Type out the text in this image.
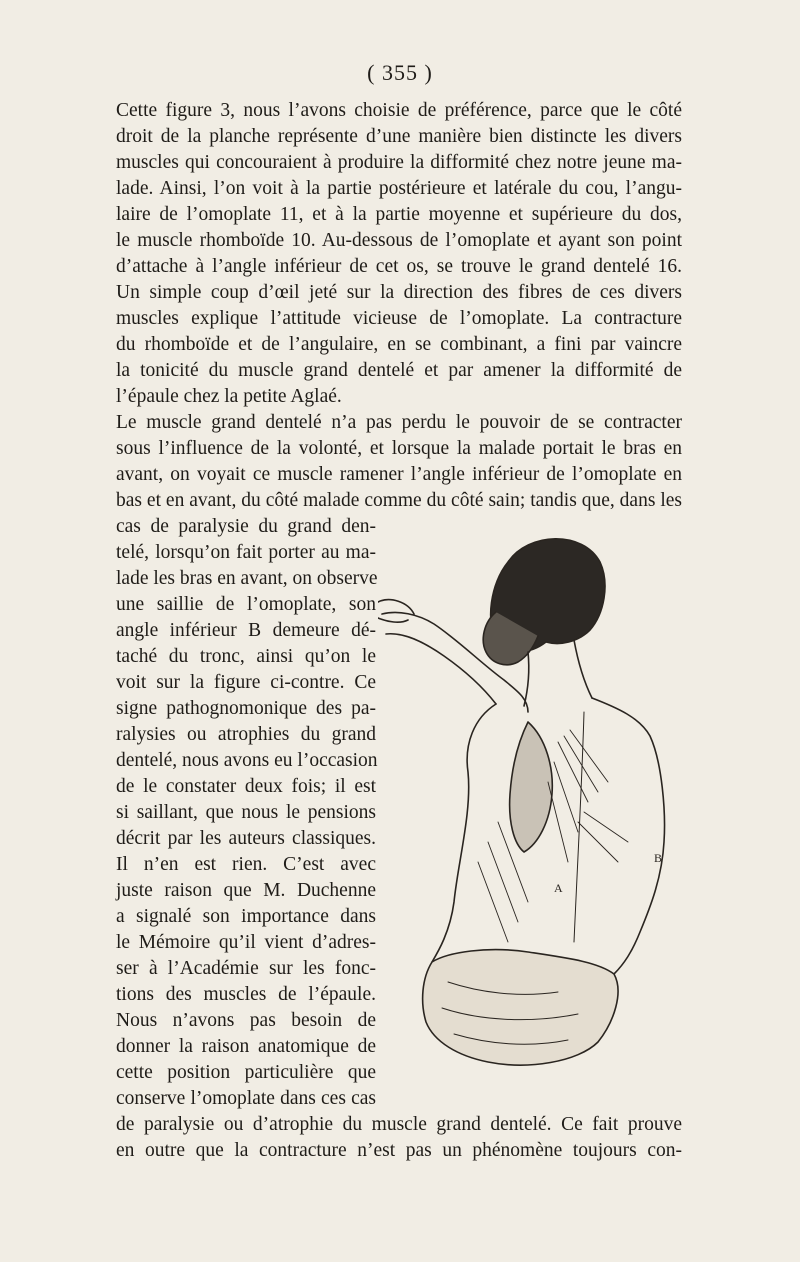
( 355 )
Cette figure 3, nous l’avons choisie de préférence, parce que le côté
droit de la planche représente d’une manière bien distincte les divers
muscles qui concouraient à produire la difformité chez notre jeune ma-
lade. Ainsi, l’on voit à la partie postérieure et latérale du cou, l’angu-
laire de l’omoplate 11, et à la partie moyenne et supérieure du dos,
le muscle rhomboïde 10. Au-dessous de l’omoplate et ayant son point
d’attache à l’angle inférieur de cet os, se trouve le grand dentelé 16.
Un simple coup d’œil jeté sur la direction des fibres de ces divers
muscles explique l’attitude vicieuse de l’omoplate. La contracture
du rhomboïde et de l’angulaire, en se combinant, a fini par vaincre
la tonicité du muscle grand dentelé et par amener la difformité de
l’épaule chez la petite Aglaé.
Le muscle grand dentelé n’a pas perdu le pouvoir de se contracter
sous l’influence de la volonté, et lorsque la malade portait le bras en
avant, on voyait ce muscle ramener l’angle inférieur de l’omoplate en
bas et en avant, du côté malade comme du côté sain; tandis que, dans les
cas de paralysie du grand den-
telé, lorsqu’on fait porter au ma-
lade les bras en avant, on observe
une saillie de l’omoplate, son
angle inférieur B demeure dé-
taché du tronc, ainsi qu’on le
voit sur la figure ci-contre. Ce
signe pathognomonique des pa-
ralysies ou atrophies du grand
dentelé, nous avons eu l’occasion
de le constater deux fois; il est
si saillant, que nous le pensions
décrit par les auteurs classiques.
Il n’en est rien. C’est avec
juste raison que M. Duchenne
a signalé son importance dans
le Mémoire qu’il vient d’adres-
ser à l’Académie sur les fonc-
tions des muscles de l’épaule.
Nous n’avons pas besoin de
donner la raison anatomique de
cette position particulière que
conserve l’omoplate dans ces cas
de paralysie ou d’atrophie du muscle grand dentelé. Ce fait prouve
en outre que la contracture n’est pas un phénomène toujours con-
A
B
